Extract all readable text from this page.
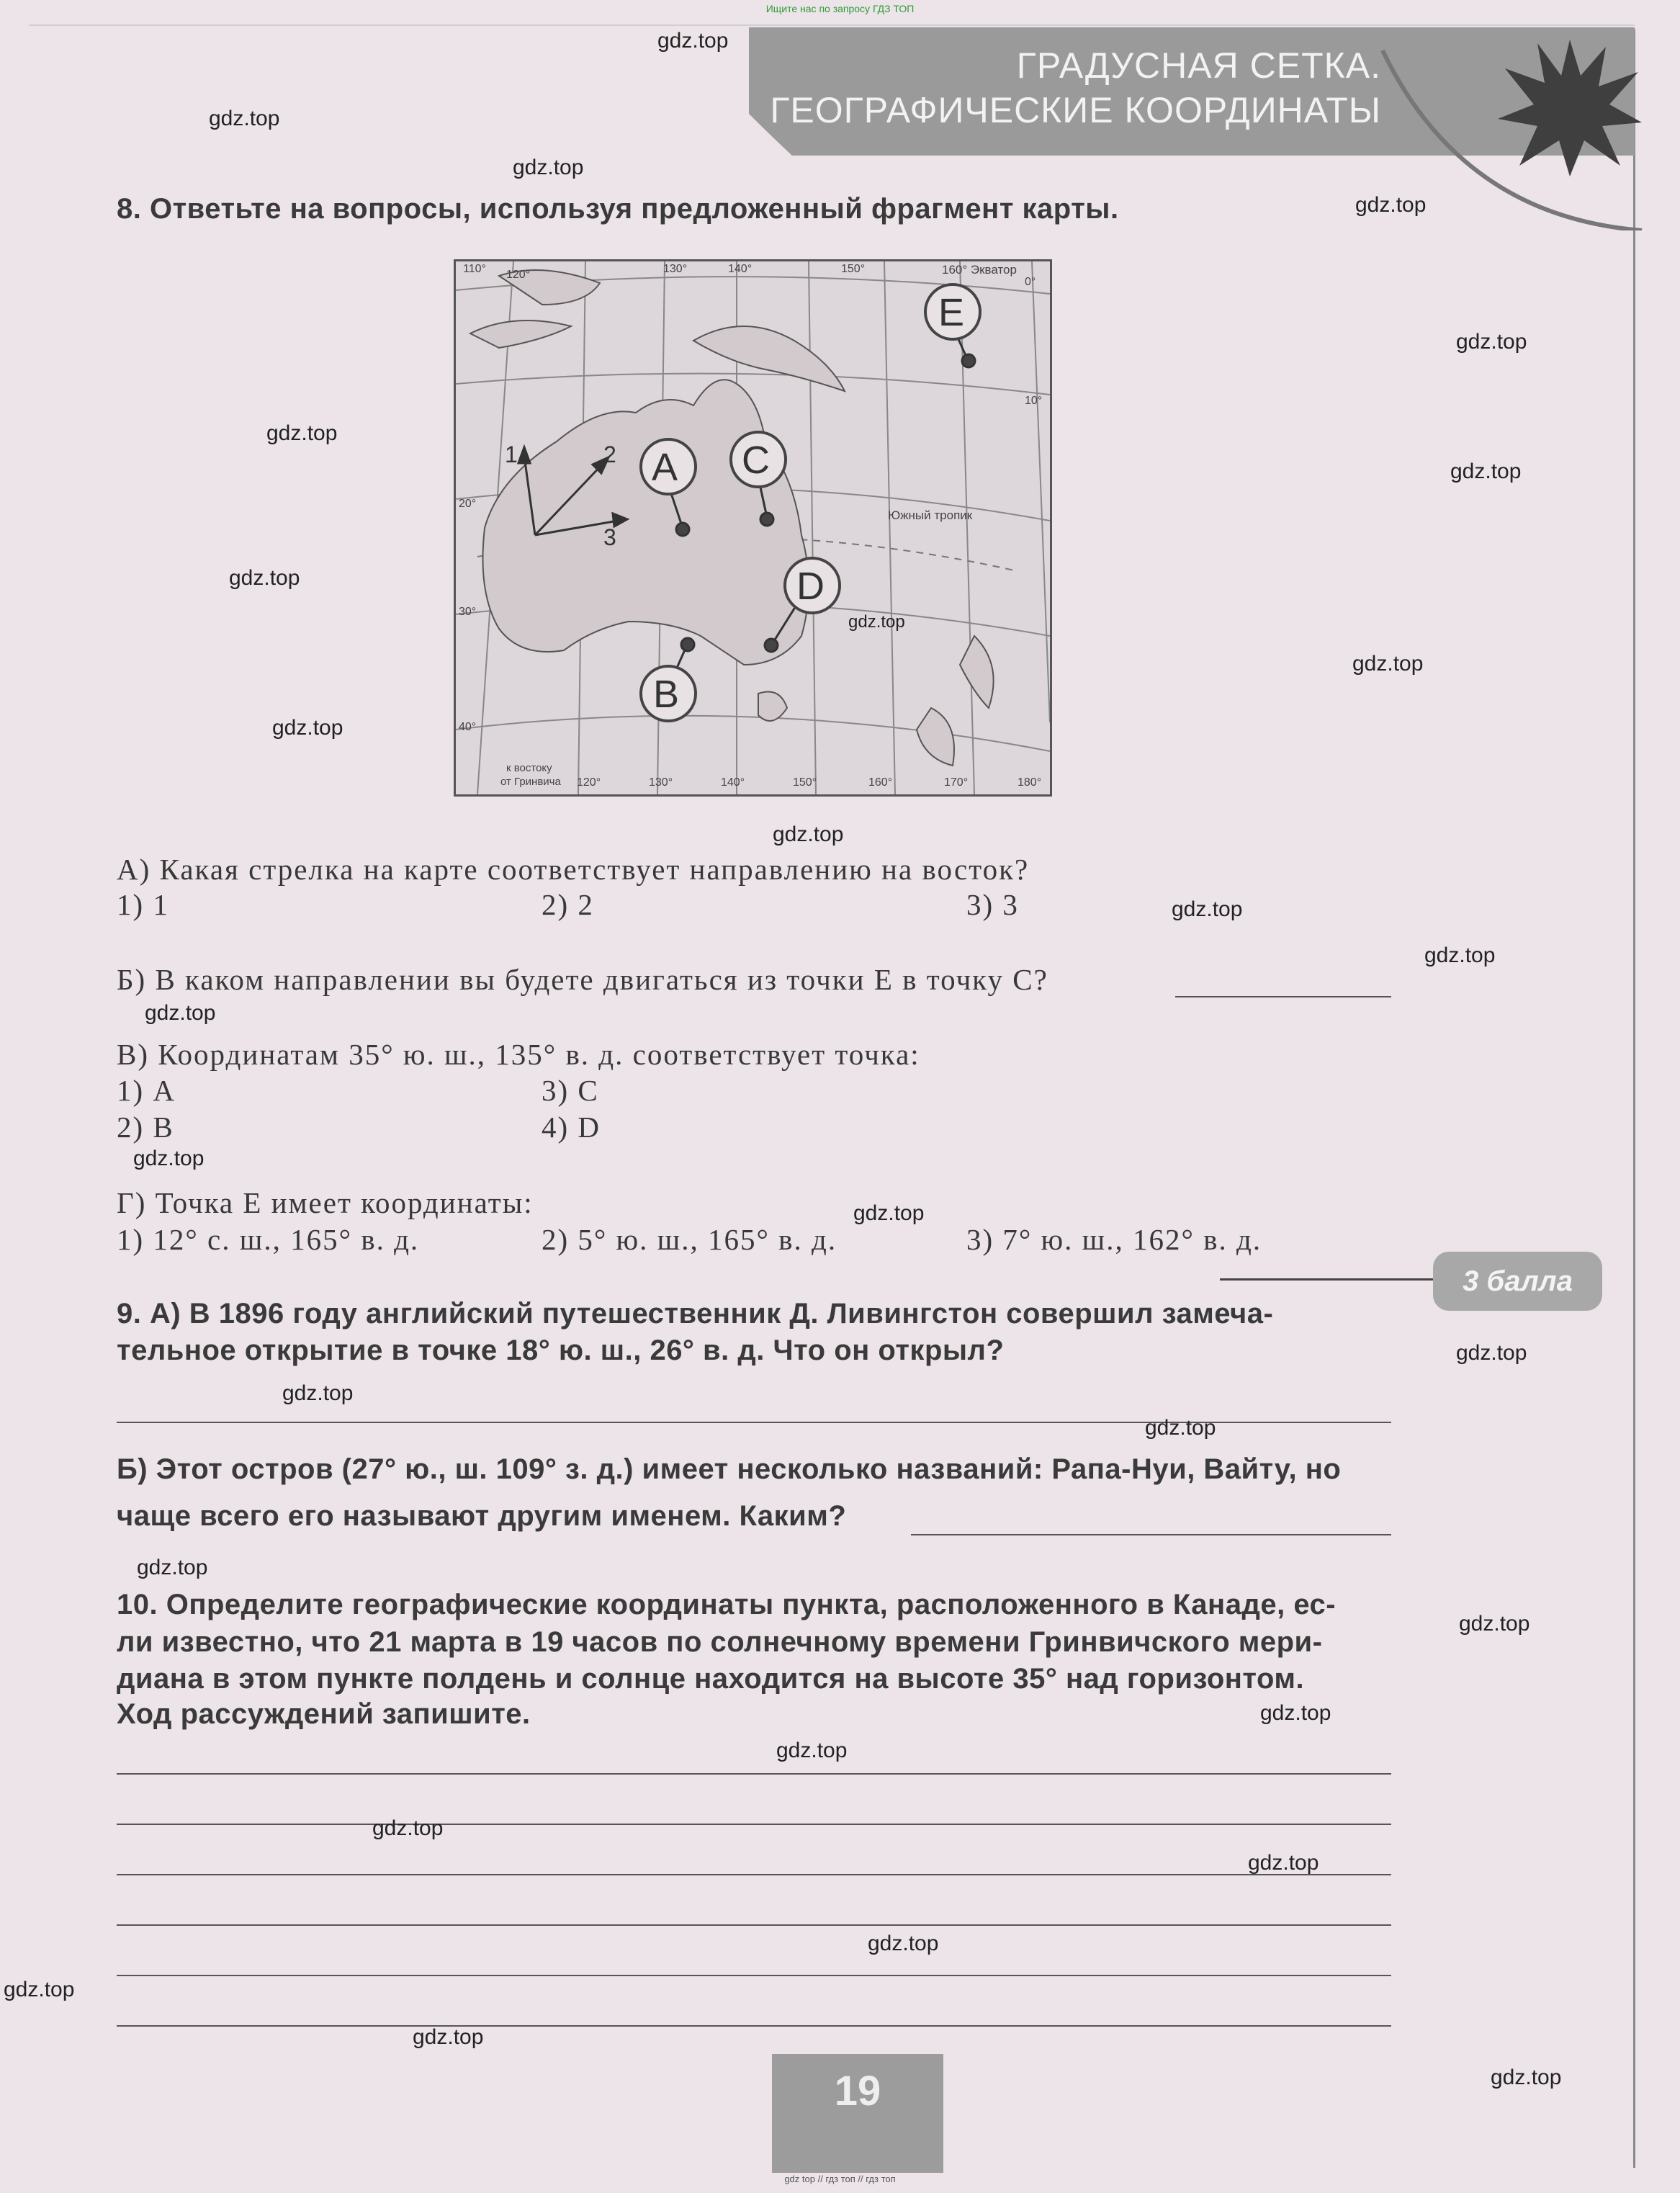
Ищите нас по запросу ГДЗ ТОП
gdz top // гдз топ // гдз топ
ГРАДУСНАЯ СЕТКА.
ГЕОГРАФИЧЕСКИЕ КООРДИНАТЫ
8. Ответьте на вопросы, используя предложенный фрагмент карты.
A C
D
B
E
1	2
3
160° Экватор
Южный тропик
к востоку
от Гринвича
0°
10°
20°
30°
40°
110° 120°	130°	140°	150°
120°	130°	140°	150°	160°	170°	180°
А) Какая стрелка на карте соответствует направлению на восток?
1) 1	2) 2	3) 3
Б) В каком направлении вы будете двигаться из точки Е в точку С?
В) Координатам 35° ю. ш., 135° в. д. соответствует точка:
1) А	3) С
2) В	4) D
Г) Точка Е имеет координаты:
1) 12° с. ш., 165° в. д.	2) 5° ю. ш., 165° в. д.	3) 7° ю. ш., 162° в. д.
3 балла
9. А) В 1896 году английский путешественник Д. Ливингстон совершил замеча-
тельное открытие в точке 18° ю. ш., 26° в. д. Что он открыл?
Б) Этот остров (27° ю., ш. 109° з. д.) имеет несколько названий: Рапа-Нуи, Вайту, но
чаще всего его называют другим именем. Каким?
10. Определите географические координаты пункта, расположенного в Канаде, ес-
ли известно, что 21 марта в 19 часов по солнечному времени Гринвичского мери-
диана в этом пункте полдень и солнце находится на высоте 35° над горизонтом.
Ход рассуждений запишите.
19
gdz.top
gdz.top
gdz.top
gdz.top
gdz.top
gdz.top
gdz.top
gdz.top
gdz.top
gdz.top
gdz.top
gdz.top
gdz.top
gdz.top
gdz.top
gdz.top
gdz.top
gdz.top
gdz.top
gdz.top
gdz.top
gdz.top
gdz.top
gdz.top
gdz.top
gdz.top
gdz.top
gdz.top
gdz.top
gdz.top
